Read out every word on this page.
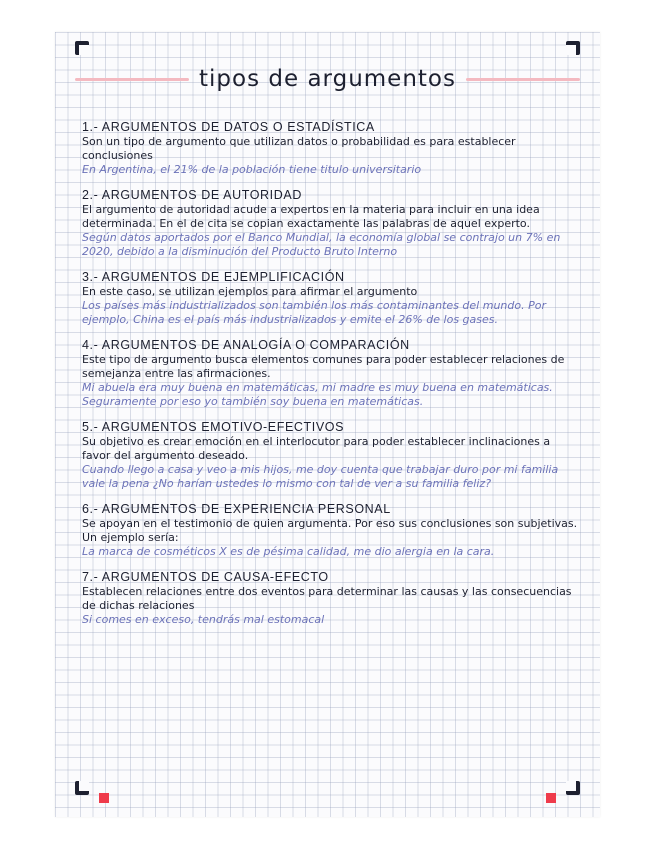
tipos de argumentos
1.- ARGUMENTOS DE DATOS O ESTADÍSTICA
Son un tipo de argumento que utilizan datos o probabilidad es para establecer conclusiones
En Argentina, el 21% de la población tiene titulo universitario
2.- ARGUMENTOS DE AUTORIDAD
El argumento de autoridad acude a expertos en la materia para incluir en una idea determinada. En el de cita se copian exactamente las palabras de aquel experto.
Según datos aportados por el Banco Mundial, la economía global se contrajo un 7% en 2020, debido a la disminución del Producto Bruto Interno
3.- ARGUMENTOS DE EJEMPLIFICACIÓN
En este caso, se utilizan ejemplos para afirmar el argumento
Los países más industrializados son también los más contaminantes del mundo. Por ejemplo, China es el país más industrializados y emite el 26% de los gases.
4.- ARGUMENTOS DE ANALOGÍA O COMPARACIÓN
Este tipo de argumento busca elementos comunes para poder establecer relaciones de semejanza entre las afirmaciones.
Mi abuela era muy buena en matemáticas, mi madre es muy buena en matemáticas. Seguramente por eso yo también soy buena en matemáticas.
5.- ARGUMENTOS EMOTIVO-EFECTIVOS
Su objetivo es crear emoción en el interlocutor para poder establecer inclinaciones a favor del argumento deseado.
Cuando llego a casa y veo a mis hijos, me doy cuenta que trabajar duro por mi familia vale la pena ¿No harían ustedes lo mismo con tal de ver a su familia feliz?
6.- ARGUMENTOS DE EXPERIENCIA PERSONAL
Se apoyan en el testimonio de quien argumenta. Por eso sus conclusiones son subjetivas. Un ejemplo sería:
La marca de cosméticos X es de pésima calidad, me dio alergia en la cara.
7.- ARGUMENTOS DE CAUSA-EFECTO
Establecen relaciones entre dos eventos para determinar las causas y las consecuencias de dichas relaciones
Si comes en exceso, tendrás mal estomacal
